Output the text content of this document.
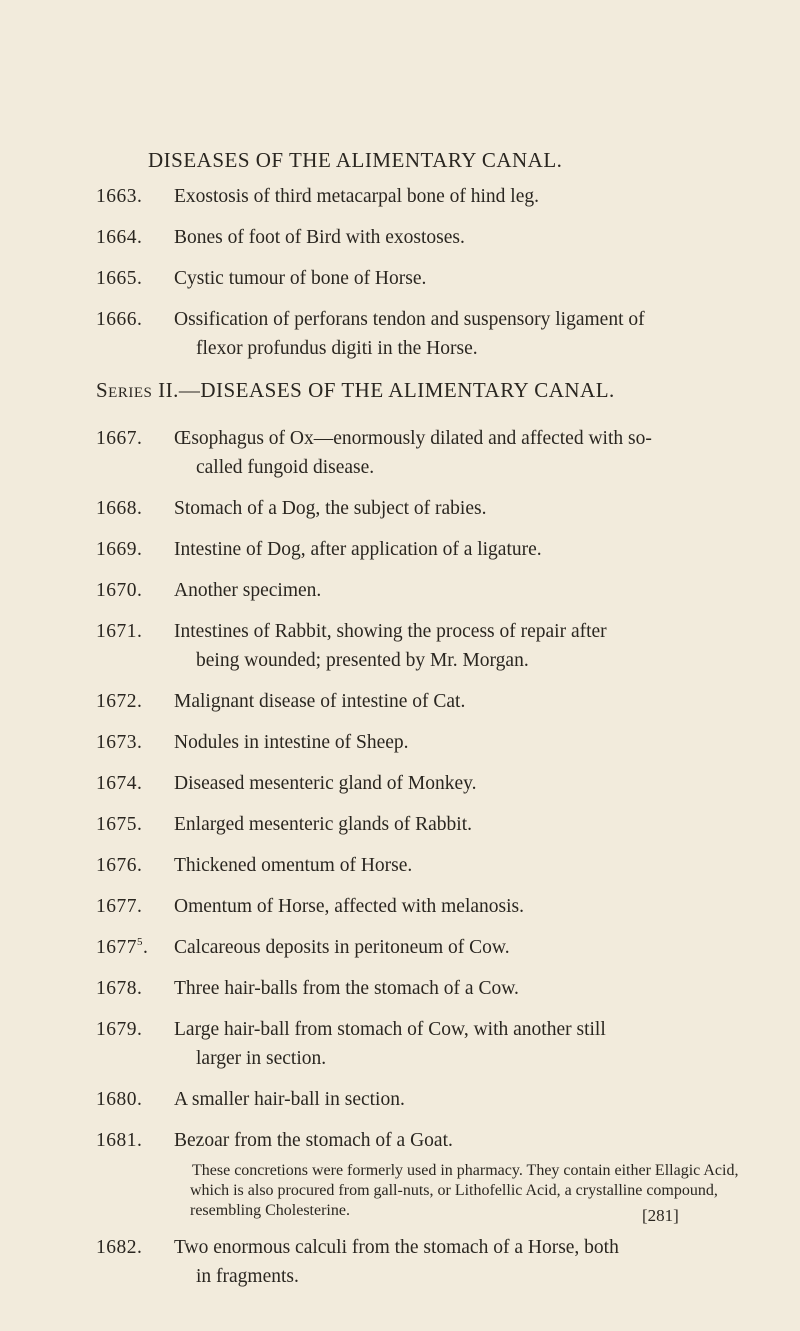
DISEASES OF THE ALIMENTARY CANAL.
1663. Exostosis of third metacarpal bone of hind leg.
1664. Bones of foot of Bird with exostoses.
1665. Cystic tumour of bone of Horse.
1666. Ossification of perforans tendon and suspensory ligament of
flexor profundus digiti in the Horse.
Series II.—DISEASES OF THE ALIMENTARY CANAL.
1667. Œsophagus of Ox—enormously dilated and affected with so-
called fungoid disease.
1668. Stomach of a Dog, the subject of rabies.
1669. Intestine of Dog, after application of a ligature.
1670. Another specimen.
1671. Intestines of Rabbit, showing the process of repair after
being wounded; presented by Mr. Morgan.
1672. Malignant disease of intestine of Cat.
1673. Nodules in intestine of Sheep.
1674. Diseased mesenteric gland of Monkey.
1675. Enlarged mesenteric glands of Rabbit.
1676. Thickened omentum of Horse.
1677. Omentum of Horse, affected with melanosis.
1677$^5$. Calcareous deposits in peritoneum of Cow.
1678. Three hair-balls from the stomach of a Cow.
1679. Large hair-ball from stomach of Cow, with another still
larger in section.
1680. A smaller hair-ball in section.
1681. Bezoar from the stomach of a Goat.
These concretions were formerly used in pharmacy. They contain either Ellagic Acid, which is also procured from gall-nuts, or Lithofellic Acid, a crystalline compound, resembling Cholesterine.
1682. Two enormous calculi from the stomach of a Horse, both
in fragments.
[281]
